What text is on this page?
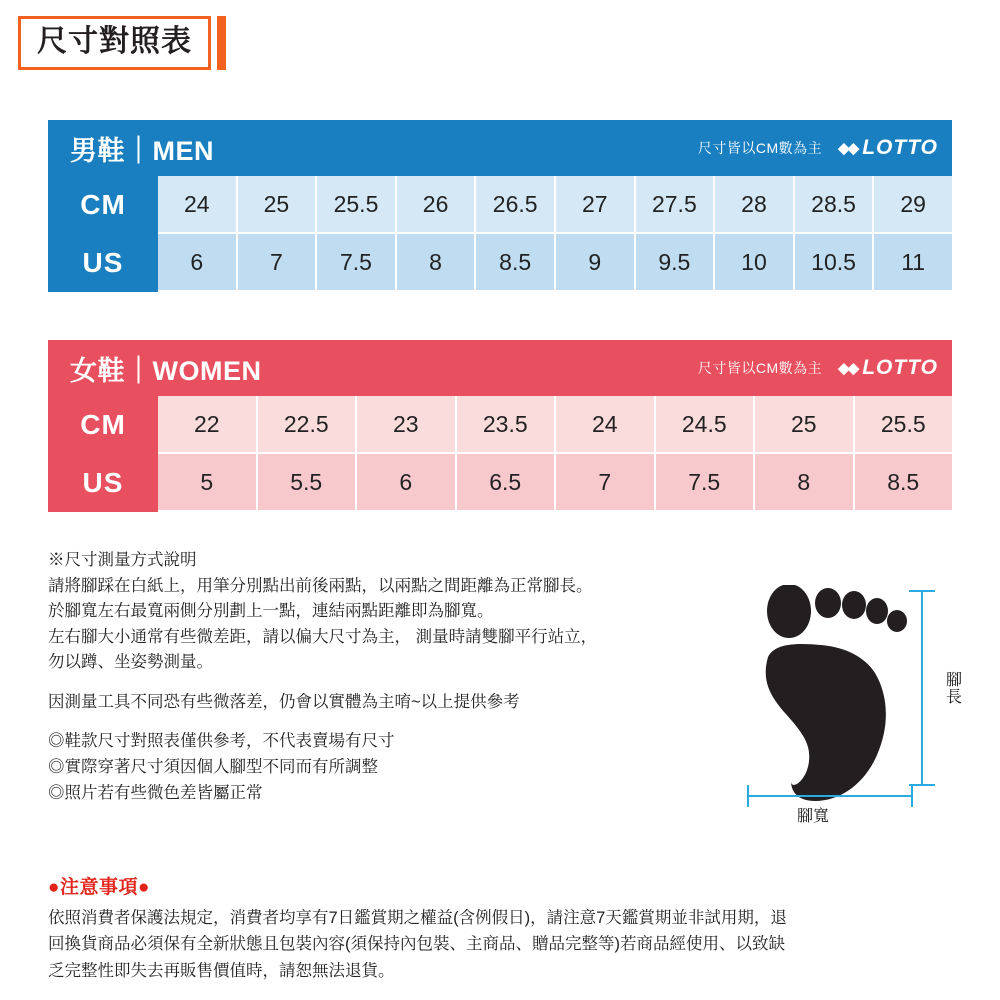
尺寸對照表
男鞋｜MEN	尺寸皆以CM數為主 ◆◆ LOTTO
CM	24	25	25.5	26	26.5	27	27.5	28	28.5	29
US	6	7	7.5	8	8.5	9	9.5	10	10.5	11
女鞋｜WOMEN	尺寸皆以CM數為主 ◆◆ LOTTO
CM	22	22.5	23	23.5	24	24.5	25	25.5
US	5	5.5	6	6.5	7	7.5	8	8.5

※尺寸測量方式說明

請將腳踩在白紙上，用筆分別點出前後兩點，以兩點之間距離為正常腳長。

於腳寬左右最寬兩側分別劃上一點，連結兩點距離即為腳寬。

左右腳大小通常有些微差距，請以偏大尺寸為主， 測量時請雙腳平行站立，

勿以蹲、坐姿勢測量。

因測量工具不同恐有些微落差，仍會以實體為主唷~以上提供參考

◎鞋款尺寸對照表僅供參考，不代表賣場有尺寸

◎實際穿著尺寸須因個人腳型不同而有所調整

◎照片若有些微色差皆屬正常

腳長
腳寬
●注意事項●
依照消費者保護法規定，消費者均享有7日鑑賞期之權益(含例假日)，請注意7天鑑賞期並非試用期，退
回換貨商品必須保有全新狀態且包裝內容(須保持內包裝、主商品、贈品完整等)若商品經使用、以致缺
乏完整性即失去再販售價值時，請恕無法退貨。
